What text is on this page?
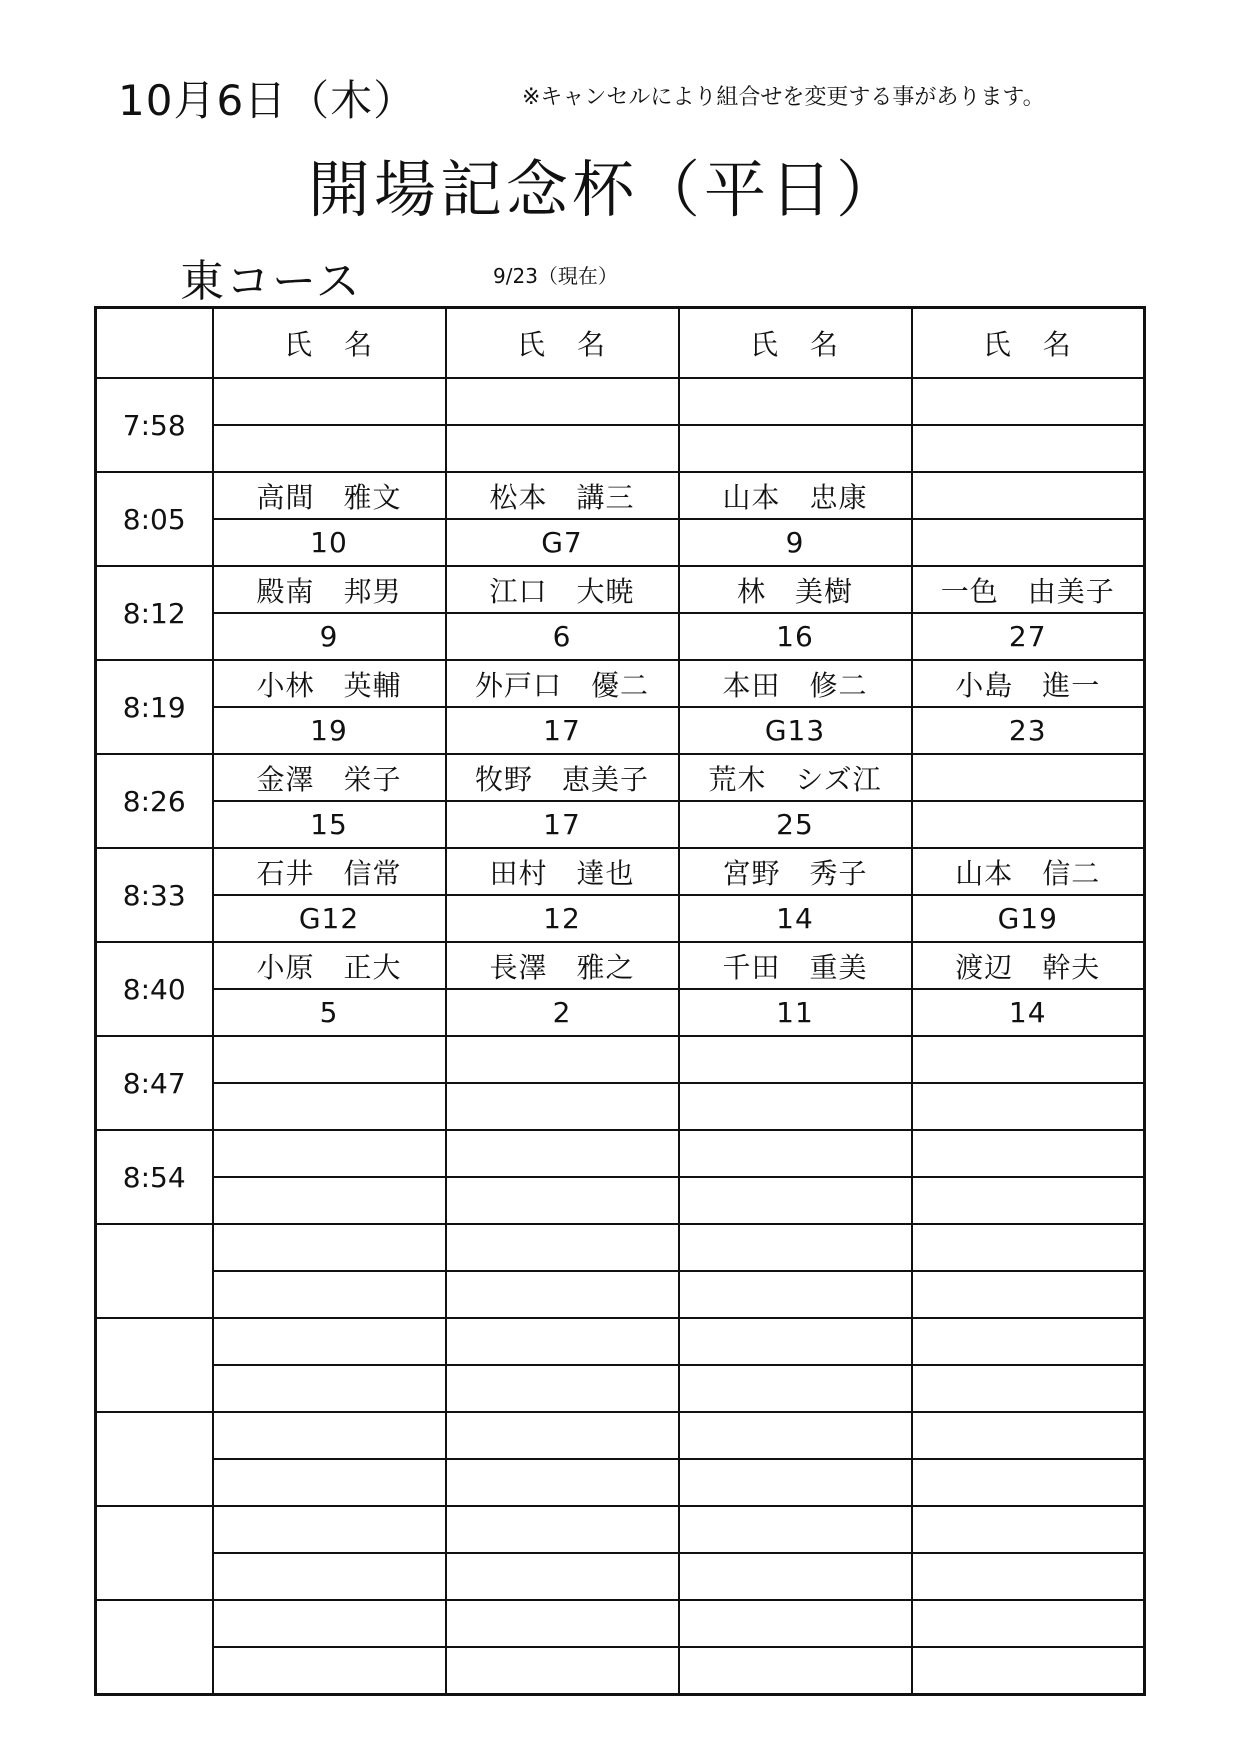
10月6日（木）	※キャンセルにより組合せを変更する事があります。
開場記念杯（平日）
東コース	9/23（現在）
	氏　名	氏　名	氏　名	氏　名
7:58				

8:05	高間　雅文	松本　講三	山本　忠康	
	10	G7	9	
8:12	殿南　邦男	江口　大暁	林　美樹	一色　由美子
	9	6	16	27
8:19	小林　英輔	外戸口　優二	本田　修二	小島　進一
	19	17	G13	23
8:26	金澤　栄子	牧野　恵美子	荒木　シズ江	
	15	17	25	
8:33	石井　信常	田村　達也	宮野　秀子	山本　信二
	G12	12	14	G19
8:40	小原　正大	長澤　雅之	千田　重美	渡辺　幹夫
	5	2	11	14
8:47				

8:54				
